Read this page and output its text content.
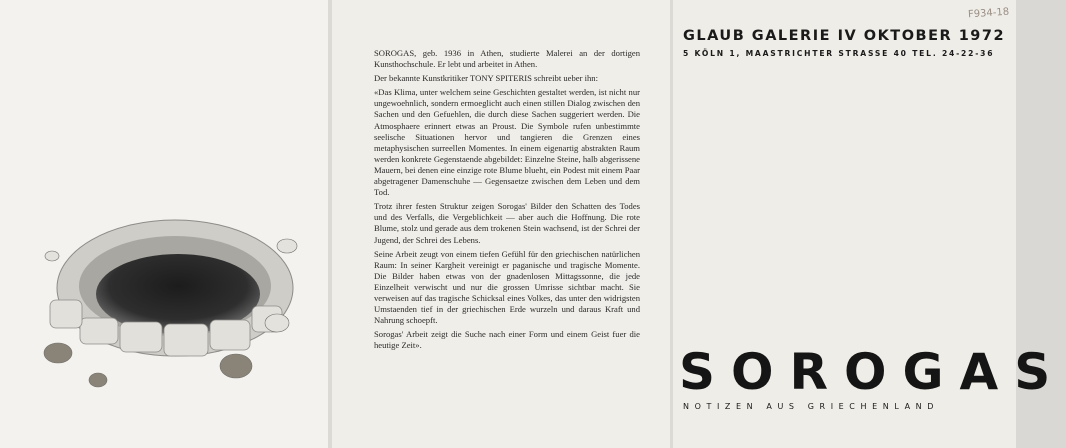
SOROGAS, geb. 1936 in Athen, studierte Malerei an der dortigen Kunsthochschule. Er lebt und arbeitet in Athen.

Der bekannte Kunstkritiker TONY SPITERIS schreibt ueber ihn:

«Das Klima, unter welchem seine Geschichten gestaltet werden, ist nicht nur ungewoehnlich, sondern ermoeglicht auch einen stillen Dialog zwischen den Sachen und den Gefuehlen, die durch diese Sachen suggeriert werden. Die Atmosphaere erinnert etwas an Proust. Die Symbole rufen unbestimmte seelische Situationen hervor und tangieren die Grenzen eines metaphysischen surreellen Momentes. In einem eigenartig abstrakten Raum werden konkrete Gegenstaende abgebildet: Einzelne Steine, halb abgerissene Mauern, bei denen eine einzige rote Blume blueht, ein Podest mit einem Paar abgetragener Damenschuhe — Gegensaetze zwischen dem Leben und dem Tod.

Trotz ihrer festen Struktur zeigen Sorogas' Bilder den Schatten des Todes und des Verfalls, die Vergeblichkeit — aber auch die Hoffnung. Die rote Blume, stolz und gerade aus dem trokenen Stein wachsend, ist der Schrei der Jugend, der Schrei des Lebens.

Seine Arbeit zeugt von einem tiefen Gefühl für den griechischen natürlichen Raum: In seiner Kargheit vereinigt er paganische und tragische Momente. Die Bilder haben etwas von der gnadenlosen Mittagssonne, die jede Einzelheit verwischt und nur die grossen Umrisse sichtbar macht. Sie verweisen auf das tragische Schicksal eines Volkes, das unter den widrigsten Umstaenden tief in der griechischen Erde wurzeln und daraus Kraft und Nahrung schoepft.

Sorogas' Arbeit zeigt die Suche nach einer Form und einem Geist fuer die heutige Zeit».

F934-18
GLAUB GALERIE IV OKTOBER 1972
5 KÖLN 1, MAASTRICHTER STRASSE 40 TEL. 24-22-36
SOROGAS
NOTIZEN AUS GRIECHENLAND
